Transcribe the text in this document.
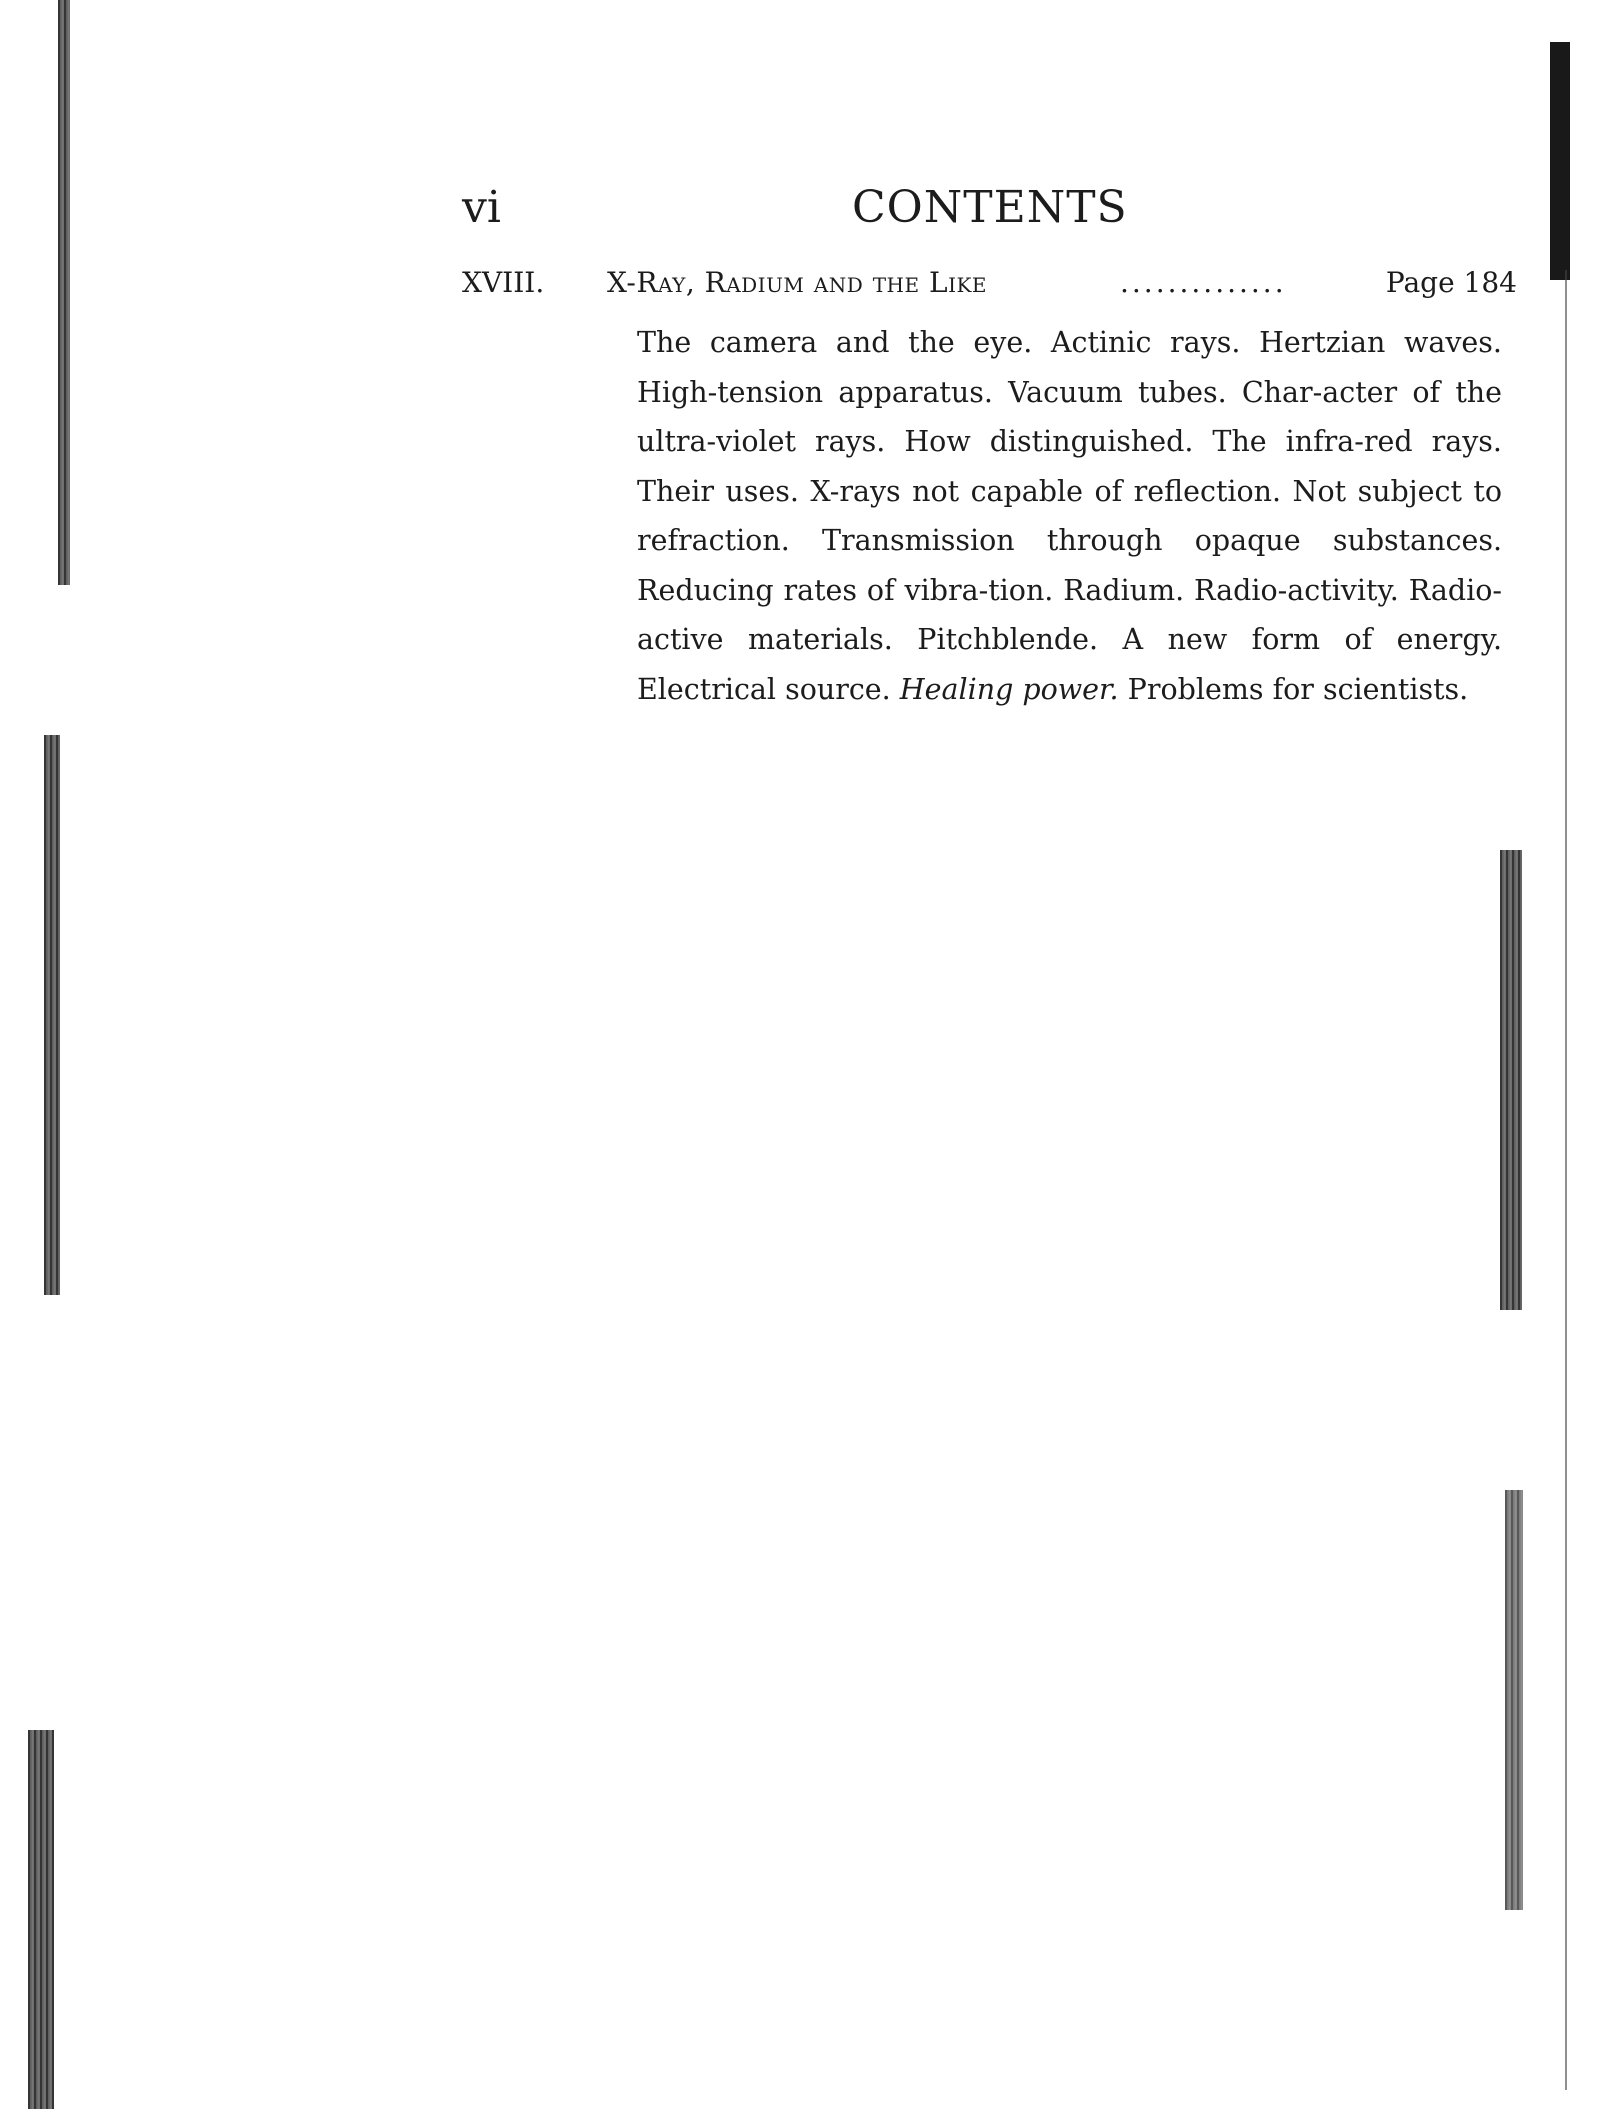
vi	CONTENTS
XVIII. X-Ray, Radium and the Like	..............	Page 184
The camera and the eye. Actinic rays. Hertzian waves. High-tension apparatus. Vacuum tubes. Char-acter of the ultra-violet rays. How distinguished. The infra-red rays. Their uses. X-rays not capable of reflection. Not subject to refraction. Transmission through opaque substances. Reducing rates of vibra-tion. Radium. Radio-activity. Radio-active materials. Pitchblende. A new form of energy. Electrical source. Healing power. Problems for scientists.
